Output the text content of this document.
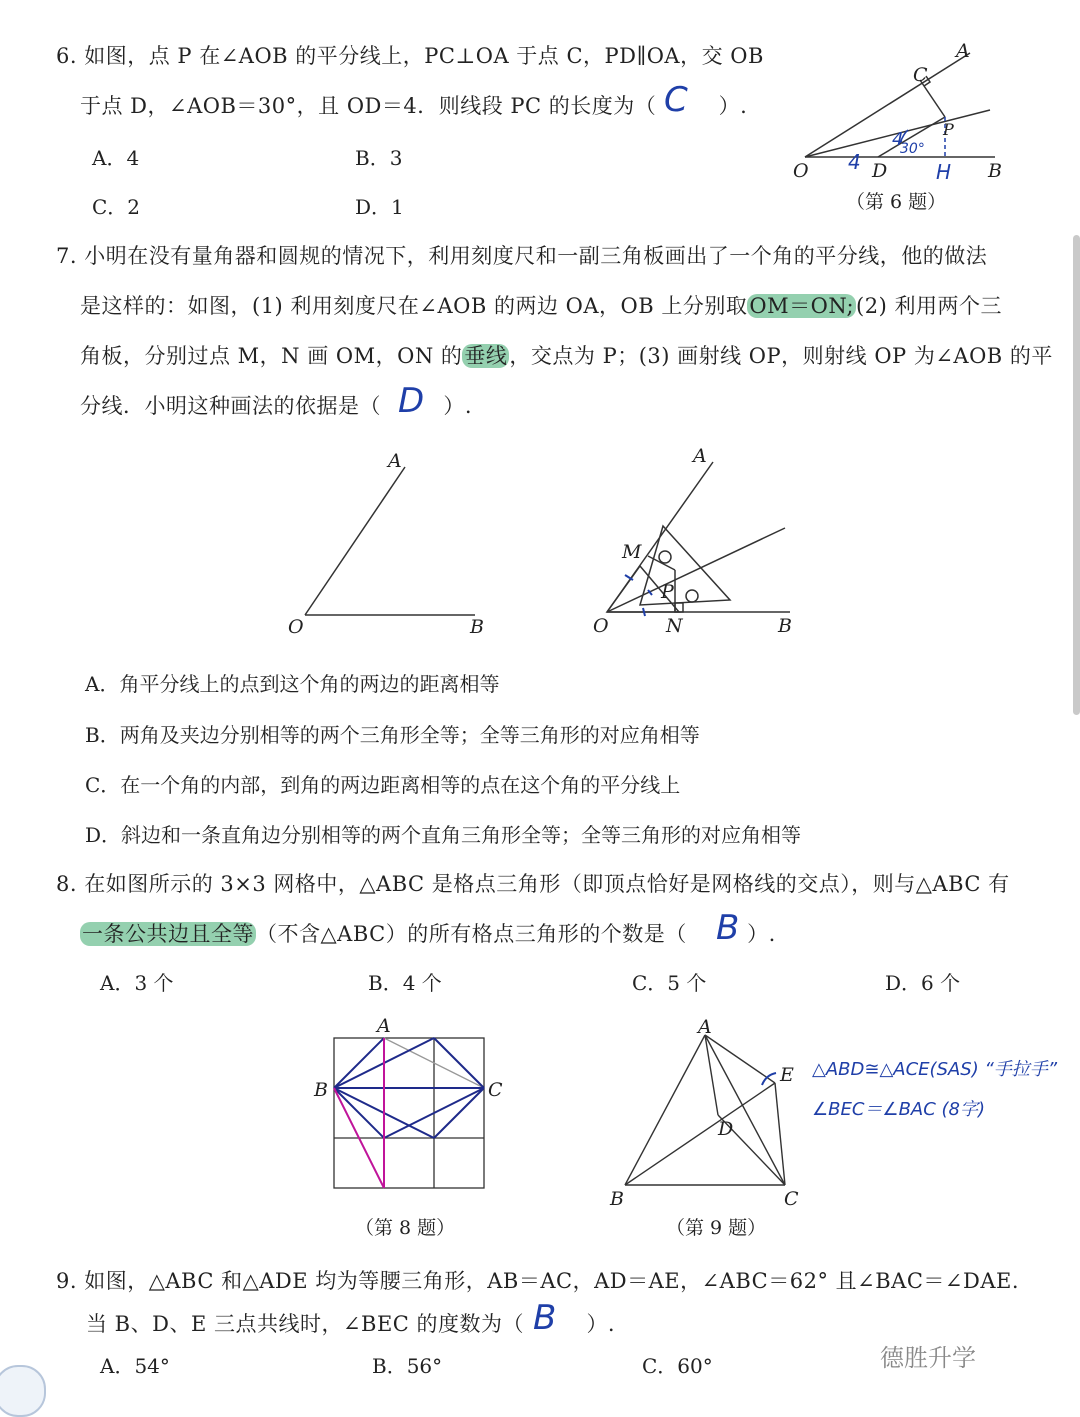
6. 如图，点 P 在∠AOB 的平分线上，PC⊥OA 于点 C，PD∥OA，交 OB
于点 D，∠AOB＝30°，且 OD＝4．则线段 PC 的长度为（	）.
C
A．4	B．3
C．2	D．1
A
C
P
O	D	B
4
4
30°
H
（第 6 题）
7. 小明在没有量角器和圆规的情况下，利用刻度尺和一副三角板画出了一个角的平分线，他的做法
是这样的：如图，(1) 利用刻度尺在∠AOB 的两边 OA，OB 上分别取OM＝ON;(2) 利用两个三
角板，分别过点 M，N 画 OM，ON 的垂线，交点为 P；(3) 画射线 OP，则射线 OP 为∠AOB 的平
分线．小明这种画法的依据是（	）.
D
A
O	B
A
M
P
O	N	B
A．角平分线上的点到这个角的两边的距离相等
B．两角及夹边分别相等的两个三角形全等；全等三角形的对应角相等
C．在一个角的内部，到角的两边距离相等的点在这个角的平分线上
D．斜边和一条直角边分别相等的两个直角三角形全等；全等三角形的对应角相等
8. 在如图所示的 3×3 网格中，△ABC 是格点三角形（即顶点恰好是网格线的交点），则与△ABC 有
一条公共边且全等（不含△ABC）的所有格点三角形的个数是（	）.
B
A．3 个	B．4 个	C．5 个	D．6 个
A
B	C
（第 8 题）
A
E
D
B	C
（第 9 题）
△ABD≅△ACE(SAS) “手拉手”
∠BEC＝∠BAC (8字)
9. 如图，△ABC 和△ADE 均为等腰三角形，AB＝AC，AD＝AE，∠ABC＝62° 且∠BAC＝∠DAE.
当 B、D、E 三点共线时，∠BEC 的度数为（	）.
B
A．54°	B．56°	C．60°	德胜升学
